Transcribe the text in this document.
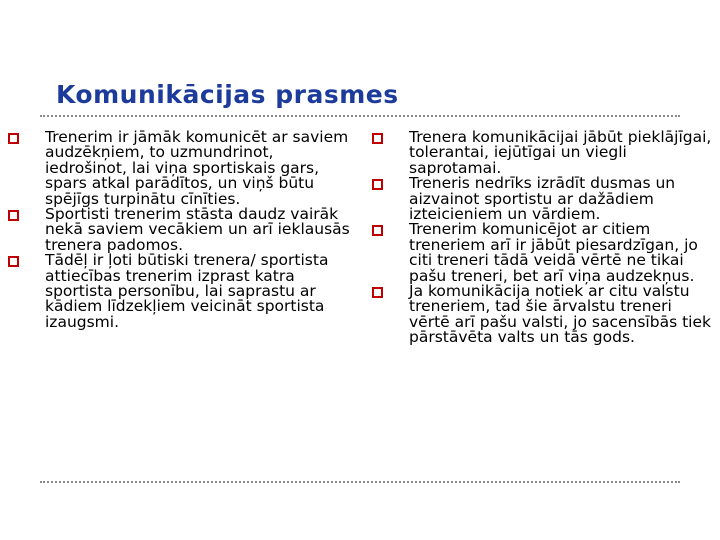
Komunikācijas prasmes
Trenerim ir jāmāk komunicēt ar saviem audzēkņiem, to uzmundrinot, iedrošinot, lai viņa sportiskais gars, spars atkal parādītos, un viņš būtu spējīgs turpinātu cīnīties.
Sportisti trenerim stāsta daudz vairāk nekā saviem vecākiem un arī ieklausās trenera padomos.
Tādēļ ir ļoti būtiski trenera/ sportista attiecības trenerim izprast katra sportista personību, lai saprastu ar kādiem līdzekļiem veicināt sportista izaugsmi.
Trenera komunikācijai jābūt pieklājīgai, tolerantai, iejūtīgai un viegli saprotamai.
Treneris nedrīks izrādīt dusmas un aizvainot sportistu ar dažādiem izteicieniem un vārdiem.
Trenerim komunicējot ar citiem treneriem arī ir jābūt piesardzīgan, jo citi treneri tādā veidā vērtē ne tikai pašu treneri, bet arī viņa audzekņus.
Ja komunikācija notiek ar citu valstu treneriem, tad šie ārvalstu treneri vērtē arī pašu valsti, jo sacensībās tiek pārstāvēta valts un tās gods.
